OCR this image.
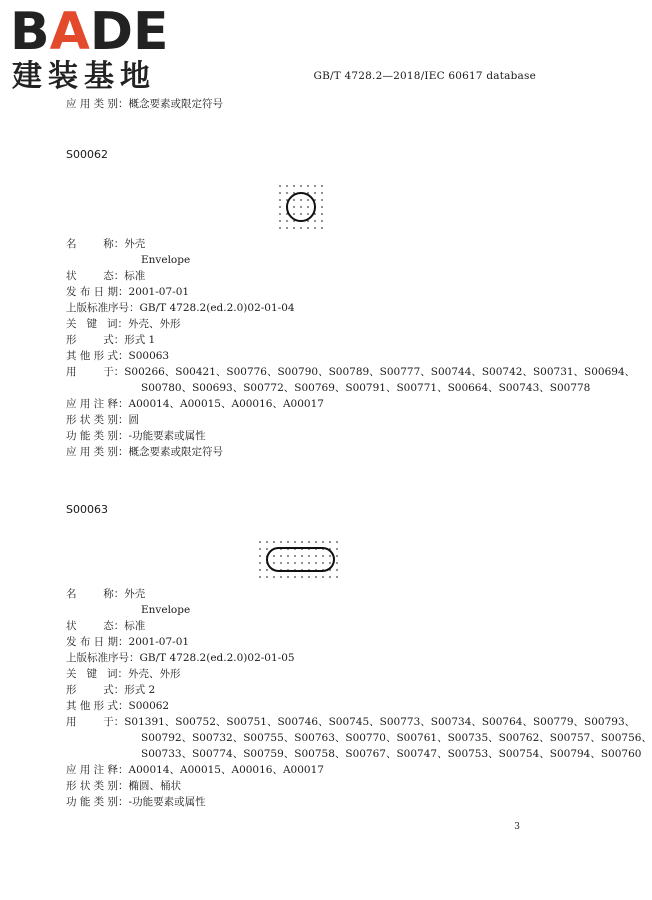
BADE
建装基地	GB/T 4728.2—2018/IEC 60617 database
应 用 类 别：概念要素或限定符号
S00062
名        称：外壳
Envelope
状        态：标准
发 布 日 期：2001-07-01
上版标准序号：GB/T 4728.2(ed.2.0)02-01-04
关   键   词：外壳、外形
形        式：形式 1
其 他 形 式：S00063
用        于：S00266、S00421、S00776、S00790、S00789、S00777、S00744、S00742、S00731、S00694、
S00780、S00693、S00772、S00769、S00791、S00771、S00664、S00743、S00778
应 用 注 释：A00014、A00015、A00016、A00017
形 状 类 别：圆
功 能 类 别：-功能要素或属性
应 用 类 别：概念要素或限定符号
S00063
名        称：外壳
Envelope
状        态：标准
发 布 日 期：2001-07-01
上版标准序号：GB/T 4728.2(ed.2.0)02-01-05
关   键   词：外壳、外形
形        式：形式 2
其 他 形 式：S00062
用        于：S01391、S00752、S00751、S00746、S00745、S00773、S00734、S00764、S00779、S00793、
S00792、S00732、S00755、S00763、S00770、S00761、S00735、S00762、S00757、S00756、
S00733、S00774、S00759、S00758、S00767、S00747、S00753、S00754、S00794、S00760
应 用 注 释：A00014、A00015、A00016、A00017
形 状 类 别：椭圆、桶状
功 能 类 别：-功能要素或属性
3
